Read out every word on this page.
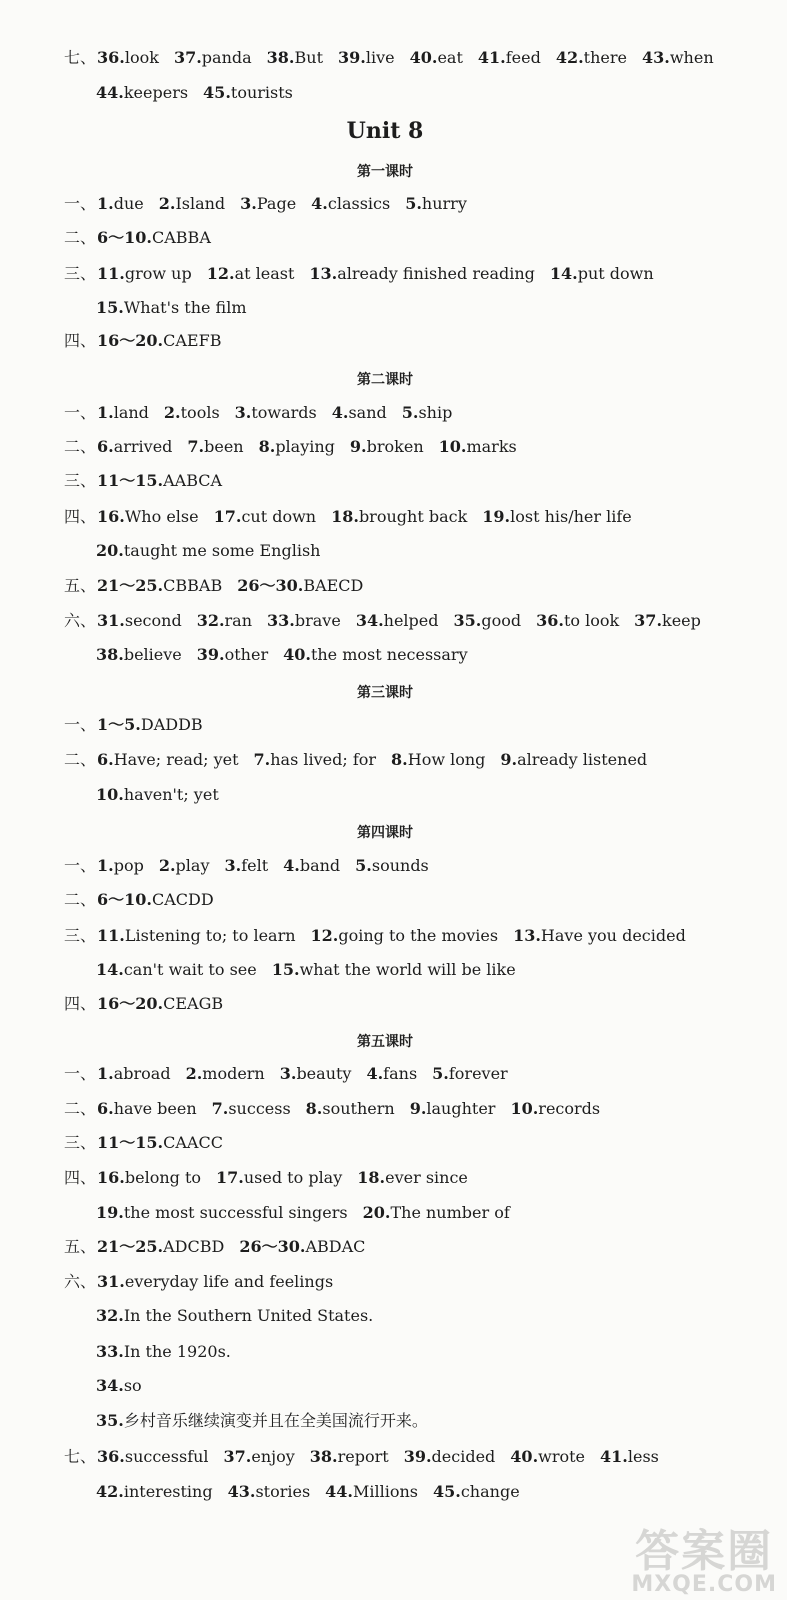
七、36.look 37.panda 38.But 39.live 40.eat 41.feed 42.there 43.when
44.keepers 45.tourists
一、1.due 2.Island 3.Page 4.classics 5.hurry
二、6～10.CABBA
三、11.grow up 12.at least 13.already finished reading 14.put down
15.What's the film
四、16～20.CAEFB
一、1.land 2.tools 3.towards 4.sand 5.ship
二、6.arrived 7.been 8.playing 9.broken 10.marks
三、11～15.AABCA
四、16.Who else 17.cut down 18.brought back 19.lost his/her life
20.taught me some English
五、21～25.CBBAB 26～30.BAECD
六、31.second 32.ran 33.brave 34.helped 35.good 36.to look 37.keep
38.believe 39.other 40.the most necessary
一、1～5.DADDB
二、6.Have; read; yet 7.has lived; for 8.How long 9.already listened
10.haven't; yet
一、1.pop 2.play 3.felt 4.band 5.sounds
二、6～10.CACDD
三、11.Listening to; to learn 12.going to the movies 13.Have you decided
14.can't wait to see 15.what the world will be like
四、16～20.CEAGB
一、1.abroad 2.modern 3.beauty 4.fans 5.forever
二、6.have been 7.success 8.southern 9.laughter 10.records
三、11～15.CAACC
四、16.belong to 17.used to play 18.ever since
19.the most successful singers 20.The number of
五、21～25.ADCBD 26～30.ABDAC
六、31.everyday life and feelings
32.In the Southern United States.
33.In the 1920s.
34.so
35.乡村音乐继续演变并且在全美国流行开来。
七、36.successful 37.enjoy 38.report 39.decided 40.wrote 41.less
42.interesting 43.stories 44.Millions 45.change
Unit 8
第一课时
第二课时
第三课时
第四课时
第五课时
答案圈
MXQE.COM
